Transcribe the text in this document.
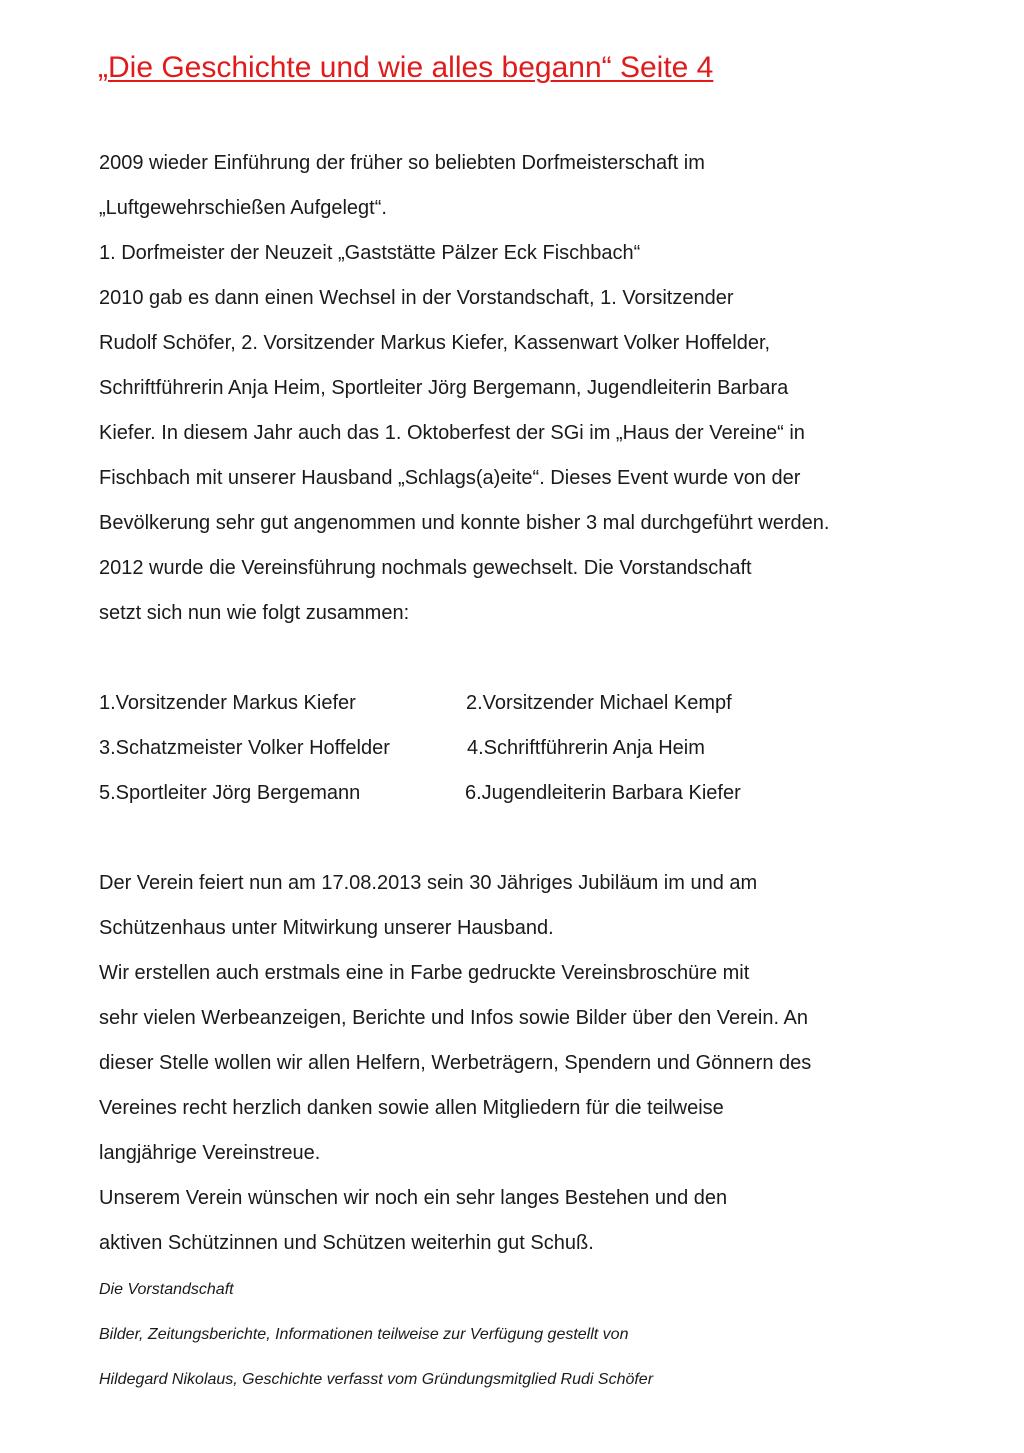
„Die Geschichte und wie alles begann“ Seite 4
2009 wieder Einführung der früher so beliebten Dorfmeisterschaft im
„Luftgewehrschießen Aufgelegt“.
1. Dorfmeister der Neuzeit „Gaststätte Pälzer Eck Fischbach“
2010 gab es dann einen Wechsel in der Vorstandschaft, 1. Vorsitzender
Rudolf Schöfer, 2. Vorsitzender Markus Kiefer, Kassenwart Volker Hoffelder,
Schriftführerin Anja Heim, Sportleiter Jörg Bergemann, Jugendleiterin Barbara
Kiefer. In diesem Jahr auch das 1. Oktoberfest der SGi im „Haus der Vereine“ in
Fischbach mit unserer Hausband „Schlags(a)eite“. Dieses Event wurde von der
Bevölkerung sehr gut angenommen und konnte bisher 3 mal durchgeführt werden.
2012 wurde die Vereinsführung nochmals gewechselt. Die Vorstandschaft
setzt sich nun wie folgt zusammen:
1.Vorsitzender Markus Kiefer	2.Vorsitzender Michael Kempf
3.Schatzmeister Volker Hoffelder	4.Schriftführerin Anja Heim
5.Sportleiter Jörg Bergemann	6.Jugendleiterin Barbara Kiefer
Der Verein feiert nun am 17.08.2013 sein 30 Jähriges Jubiläum im und am
Schützenhaus unter Mitwirkung unserer Hausband.
Wir erstellen auch erstmals eine in Farbe gedruckte Vereinsbroschüre mit
sehr vielen Werbeanzeigen, Berichte und Infos sowie Bilder über den Verein. An
dieser Stelle wollen wir allen Helfern, Werbeträgern, Spendern und Gönnern des
Vereines recht herzlich danken sowie allen Mitgliedern für die teilweise
langjährige Vereinstreue.
Unserem Verein wünschen wir noch ein sehr langes Bestehen und den
aktiven Schützinnen und Schützen weiterhin gut Schuß.
Die Vorstandschaft
Bilder, Zeitungsberichte, Informationen teilweise zur Verfügung gestellt von
Hildegard Nikolaus, Geschichte verfasst vom Gründungsmitglied Rudi Schöfer
